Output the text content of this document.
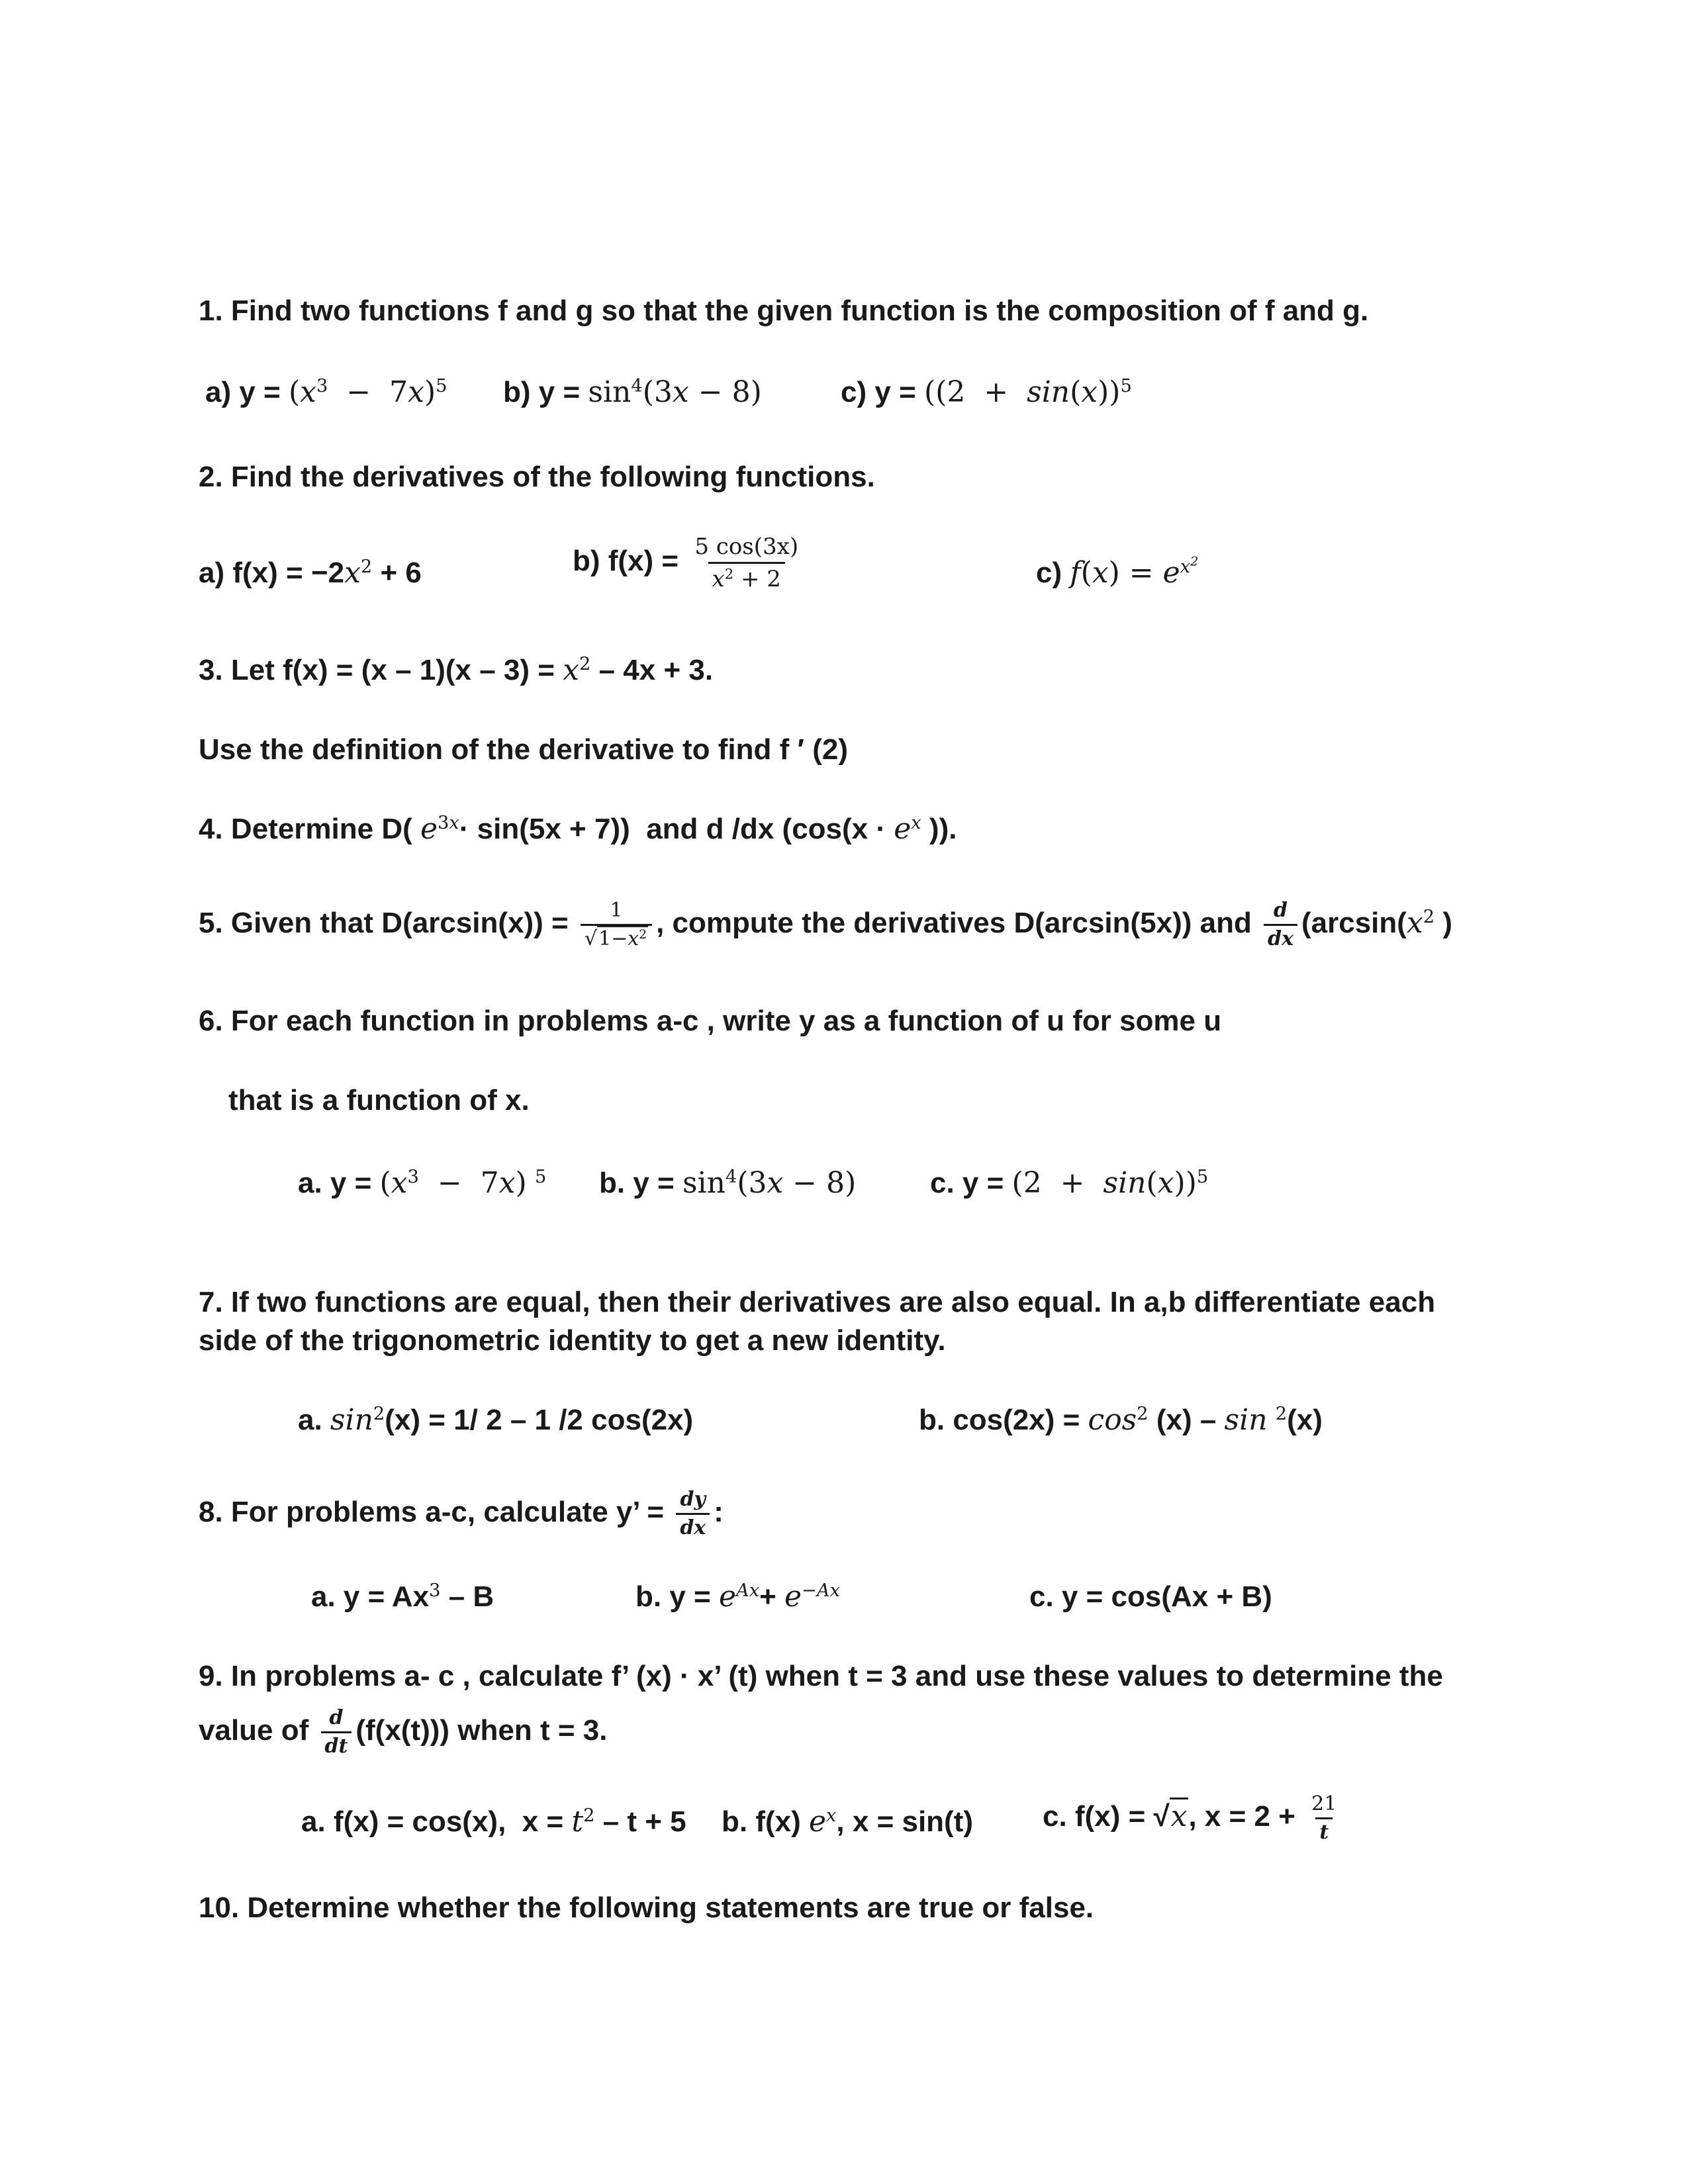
1. Find two functions f and g so that the given function is the composition of f and g.
a) $y = (x^3 - 7x)^5$ b) $y = \sin^4(3x - 8)$	c) $y = ((2 + \sin(x))^5$
2. Find the derivatives of the following functions.
a) $f(x) = -2x^2 + 6$	b) $f(x) = \frac{5 \cos(3x)}{x^2 + 2}$	c) $f(x) = e^{x^2}$
3. Let $f(x) = (x - 1)(x - 3) = x^2 - 4x + 3$.
Use the definition of the derivative to find f ′ (2)
4. Determine D( $e^{3x}\cdot \sin(5x + 7)$)  and d /dx ($\cos(x \cdot e^x$ )).
5. Given that $D(\arcsin(x)) = \frac{1}{√1-x^2}$ , compute the derivatives D(arcsin(5x)) and $\frac{d}{dx} (\arcsin(x^2$ )
6. For each function in problems a-c , write y as a function of u for some u
that is a function of x.
a. $y = (x^3 - 7x)$ $^5$ b. $y = \sin^4(3x - 8)$	c. $y = (2 + \sin(x))^5$
7. If two functions are equal, then their derivatives are also equal. In a,b differentiate each
side of the trigonometric identity to get a new identity.
a. $\sin^2(x) = 1/$ 2 – 1 /2 cos(2x)	b. $\cos(2x) = \cos^2 (x) - \sin ^2(x)$
8. For problems a-c, calculate y’ = $\frac{dy}{dx}$ :
a. $y = Ax^3 - B$	b. $y = e^{Ax}+ e^{-Ax}$	c. y = cos(Ax + B)
9. In problems a- c , calculate f’ (x) · x’ (t) when t = 3 and use these values to determine the
value of $\frac{d}{dt} (f(x(t)))$ when t = 3.
a. f(x) = cos(x),  $x = t^2 - t + 5$ b. f(x) $e^x$, x = sin(t) c. f(x) = √x, $x = 2 + \frac{21}{t}$
10. Determine whether the following statements are true or false.
